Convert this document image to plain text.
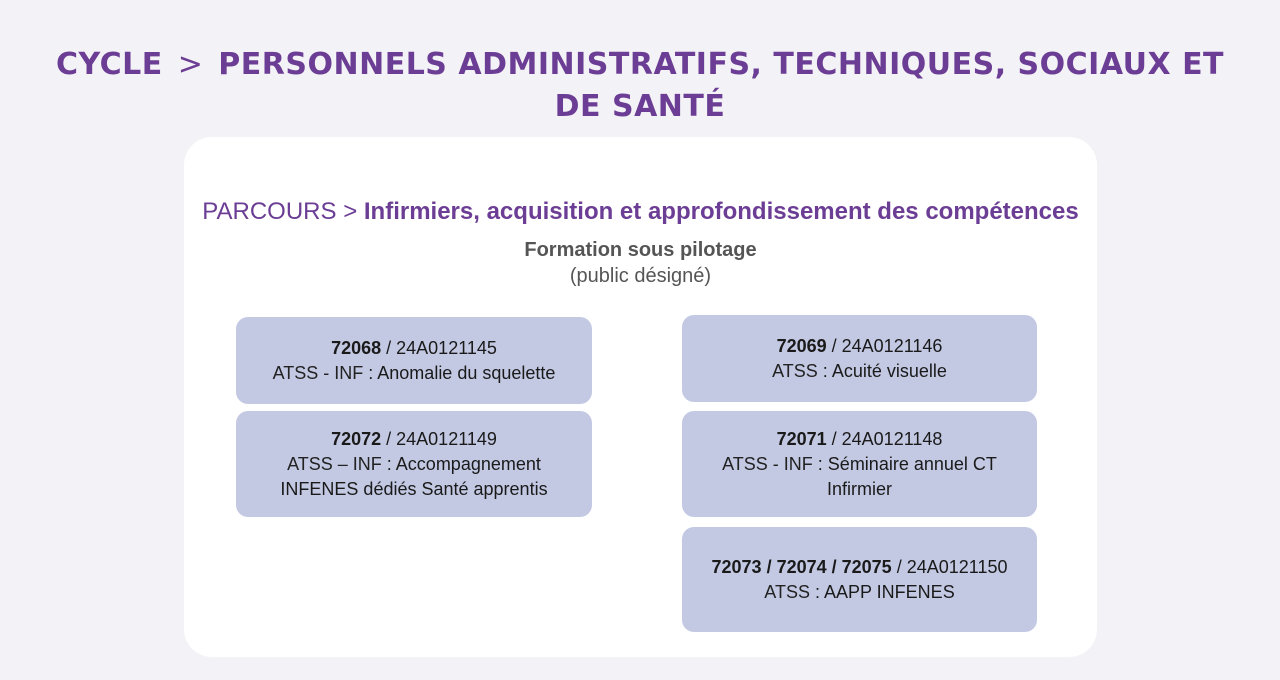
CYCLE > PERSONNELS ADMINISTRATIFS, TECHNIQUES, SOCIAUX ET DE SANTÉ
PARCOURS > Infirmiers, acquisition et approfondissement des compétences
Formation sous pilotage
(public désigné)
72068 / 24A0121145
ATSS - INF : Anomalie du squelette
72069 / 24A0121146
ATSS : Acuité visuelle
72072 / 24A0121149
ATSS – INF : Accompagnement INFENES dédiés Santé apprentis
72071 / 24A0121148
ATSS - INF : Séminaire annuel CT Infirmier
72073 / 72074 / 72075 / 24A0121150
ATSS : AAPP INFENES
